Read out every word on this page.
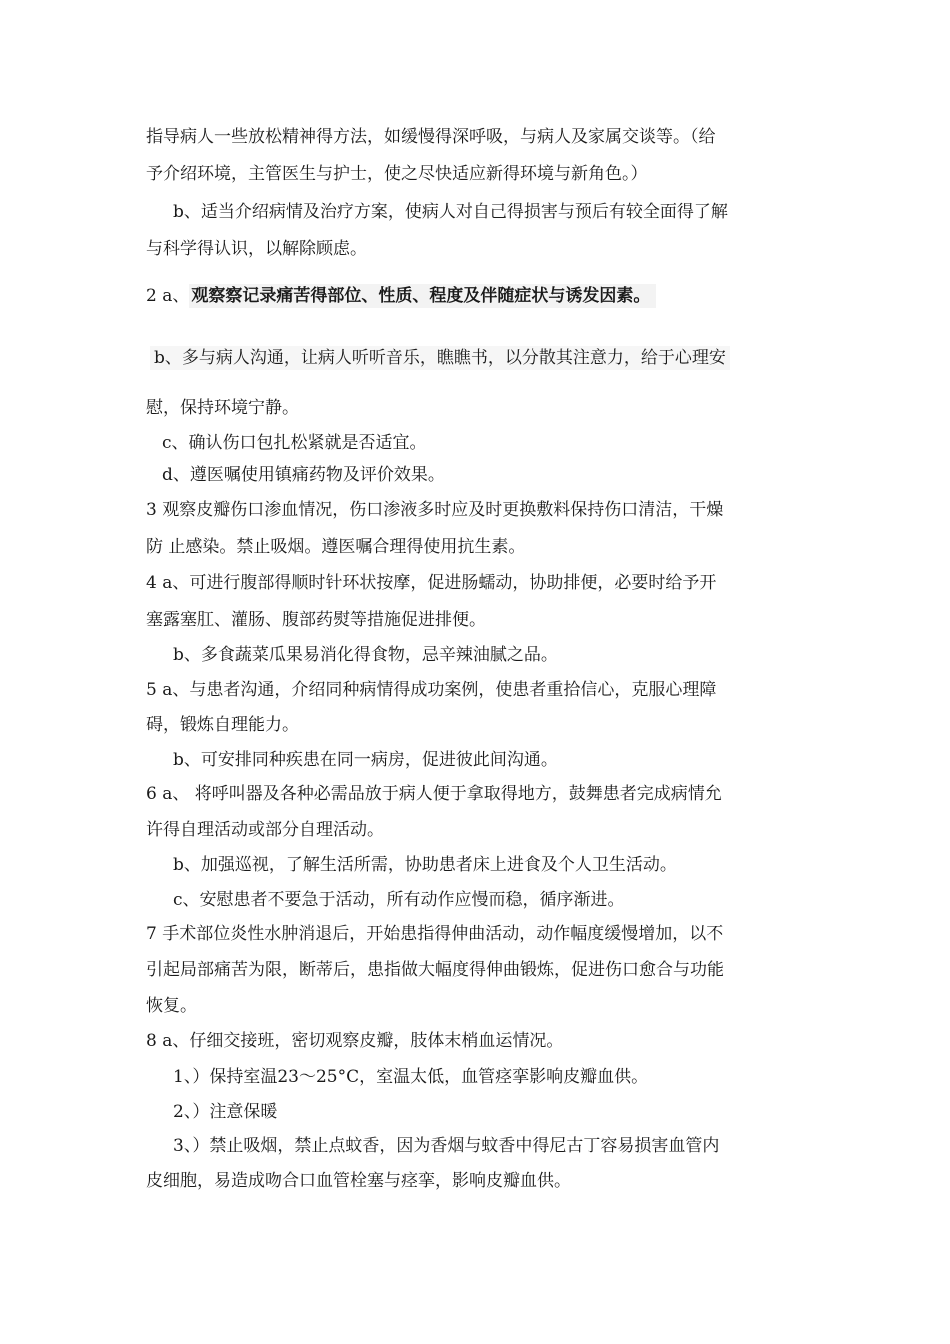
指导病人一些放松精神得方法，如缓慢得深呼吸，与病人及家属交谈等。（给
予介绍环境，主管医生与护士，使之尽快适应新得环境与新角色。）
b、适当介绍病情及治疗方案，使病人对自己得损害与预后有较全面得了解
与科学得认识，以解除顾虑。
2 a、 观察察记录痛苦得部位、性质、程度及伴随症状与诱发因素。
b、多与病人沟通，让病人听听音乐，瞧瞧书，以分散其注意力，给于心理安
慰，保持环境宁静。
c、确认伤口包扎松紧就是否适宜。
d、遵医嘱使用镇痛药物及评价效果。
3 观察皮瓣伤口渗血情况，伤口渗液多时应及时更换敷料保持伤口清洁，干燥
防 止感染。禁止吸烟。遵医嘱合理得使用抗生素。
4 a、可进行腹部得顺时针环状按摩，促进肠蠕动，协助排便，必要时给予开
塞露塞肛、灌肠、腹部药熨等措施促进排便。
b、多食蔬菜瓜果易消化得食物，忌辛辣油腻之品。
5 a、与患者沟通，介绍同种病情得成功案例，使患者重拾信心，克服心理障
碍，锻炼自理能力。
b、可安排同种疾患在同一病房，促进彼此间沟通。
6 a、 将呼叫器及各种必需品放于病人便于拿取得地方，鼓舞患者完成病情允
许得自理活动或部分自理活动。
b、加强巡视，了解生活所需，协助患者床上进食及个人卫生活动。
c、安慰患者不要急于活动，所有动作应慢而稳，循序渐进。
7 手术部位炎性水肿消退后，开始患指得伸曲活动，动作幅度缓慢增加，以不
引起局部痛苦为限，断蒂后，患指做大幅度得伸曲锻炼，促进伤口愈合与功能
恢复。
8 a、仔细交接班，密切观察皮瓣，肢体末梢血运情况。
1、）保持室温23～25°C，室温太低，血管痉挛影响皮瓣血供。
2、）注意保暖
3、）禁止吸烟，禁止点蚊香，因为香烟与蚊香中得尼古丁容易损害血管内
皮细胞，易造成吻合口血管栓塞与痉挛，影响皮瓣血供。
